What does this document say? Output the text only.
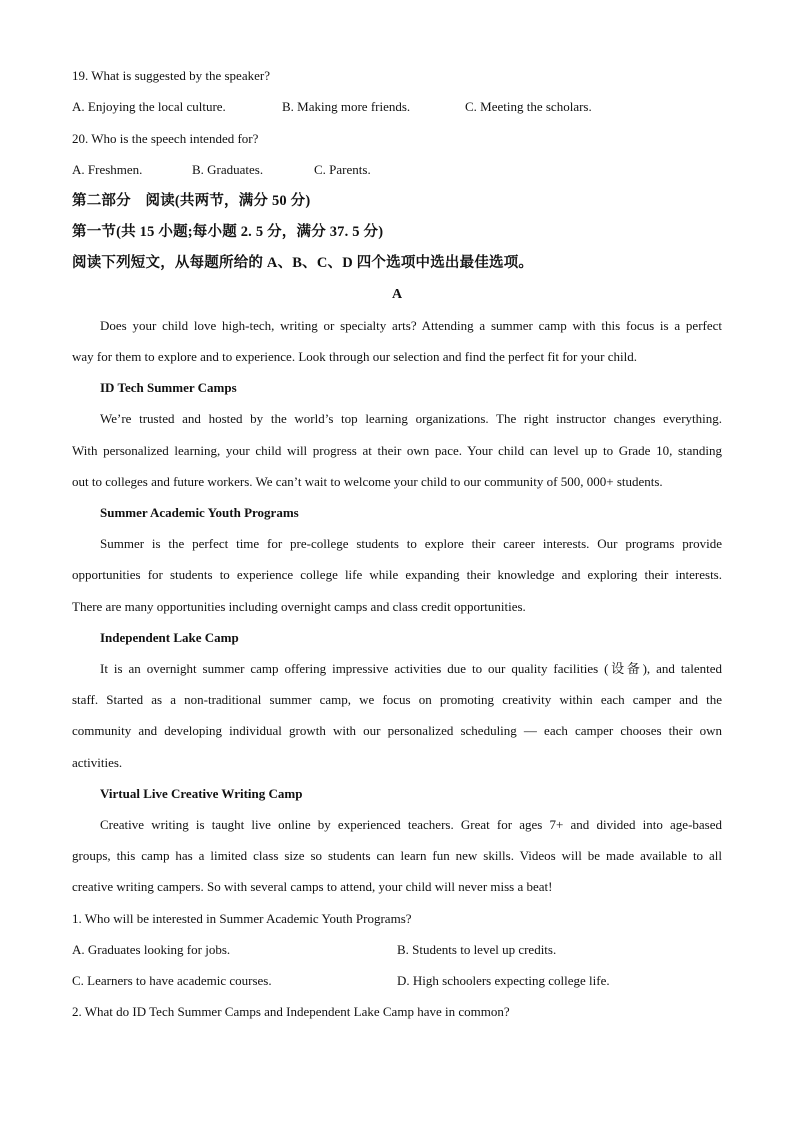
19. What is suggested by the speaker?
A. Enjoying the local culture.	B. Making more friends.	C. Meeting the scholars.
20. Who is the speech intended for?
A. Freshmen.	B. Graduates.	C. Parents.
第二部分　阅读(共两节，满分 50 分)
第一节(共 15 小题;每小题 2. 5 分，满分 37. 5 分)
阅读下列短文，从每题所给的 A、B、C、D 四个选项中选出最佳选项。
A
Does your child love high-tech, writing or specialty arts? Attending a summer camp with this focus is a perfect
way for them to explore and to experience. Look through our selection and find the perfect fit for your child.
ID Tech Summer Camps
We’re trusted and hosted by the world’s top learning organizations. The right instructor changes everything.
With personalized learning, your child will progress at their own pace. Your child can level up to Grade 10, standing
out to colleges and future workers. We can’t wait to welcome your child to our community of 500, 000+ students.
Summer Academic Youth Programs
Summer is the perfect time for pre-college students to explore their career interests. Our programs provide
opportunities for students to experience college life while expanding their knowledge and exploring their interests.
There are many opportunities including overnight camps and class credit opportunities.
Independent Lake Camp
It is an overnight summer camp offering impressive activities due to our quality facilities (设备), and talented
staff. Started as a non-traditional summer camp, we focus on promoting creativity within each camper and the
community and developing individual growth with our personalized scheduling — each camper chooses their own
activities.
Virtual Live Creative Writing Camp
Creative writing is taught live online by experienced teachers. Great for ages 7+ and divided into age-based
groups, this camp has a limited class size so students can learn fun new skills. Videos will be made available to all
creative writing campers. So with several camps to attend, your child will never miss a beat!
1. Who will be interested in Summer Academic Youth Programs?
A. Graduates looking for jobs.	B. Students to level up credits.
C. Learners to have academic courses.	D. High schoolers expecting college life.
2. What do ID Tech Summer Camps and Independent Lake Camp have in common?
